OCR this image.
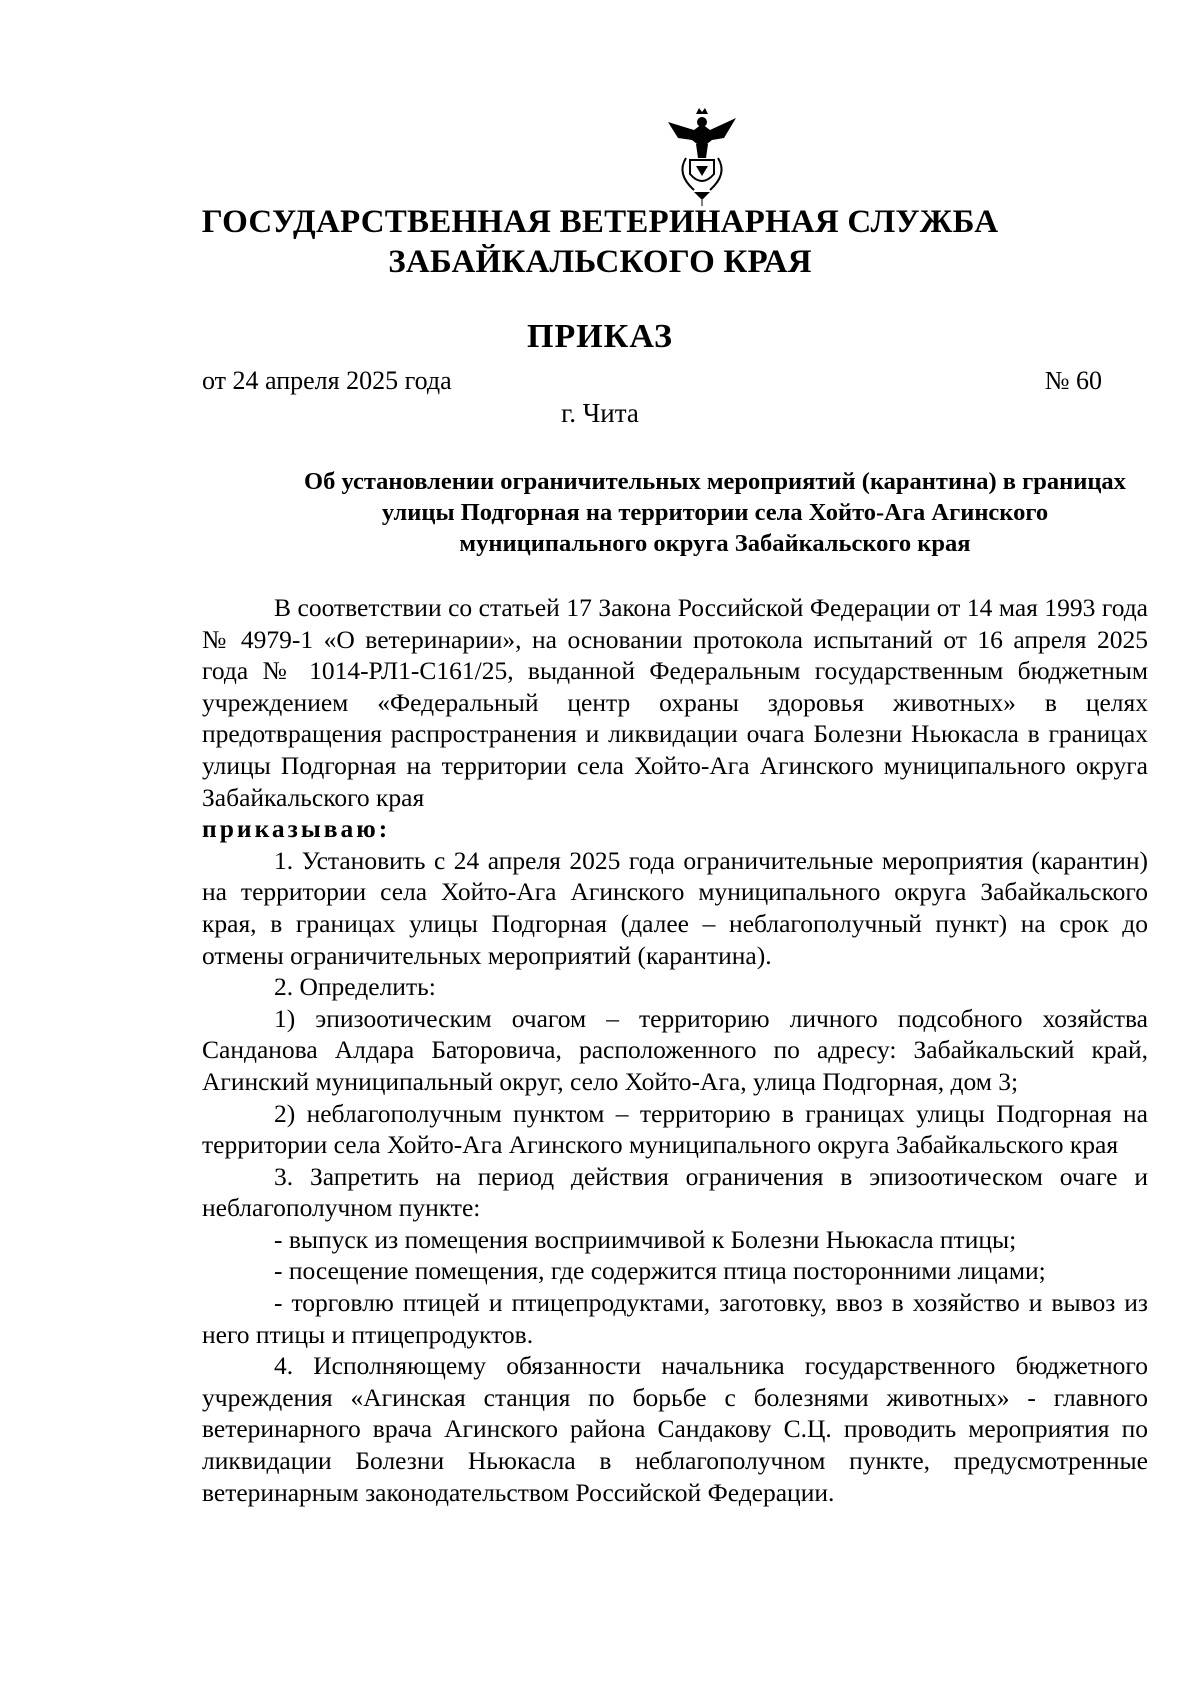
ГОСУДАРСТВЕННАЯ ВЕТЕРИНАРНАЯ СЛУЖБА
ЗАБАЙКАЛЬСКОГО КРАЯ
ПРИКАЗ
от 24 апреля 2025 года	№ 60
г. Чита
Об установлении ограничительных мероприятий (карантина) в границах улицы Подгорная на территории села Хойто-Ага Агинского муниципального округа Забайкальского края

В соответствии со статьей 17 Закона Российской Федерации от 14 мая 1993 года № 4979-1 «О ветеринарии», на основании протокола испытаний от 16 апреля 2025 года № 1014-РЛ1-С161/25, выданной Федеральным государственным бюджетным учреждением «Федеральный центр охраны здоровья животных» в целях предотвращения распространения и ликвидации очага Болезни Ньюкасла в границах улицы Подгорная на территории села Хойто-Ага Агинского муниципального округа Забайкальского края

приказываю:

1. Установить с 24 апреля 2025 года ограничительные мероприятия (карантин) на территории села Хойто-Ага Агинского муниципального округа Забайкальского края, в границах улицы Подгорная (далее – неблагополучный пункт) на срок до отмены ограничительных мероприятий (карантина).

2. Определить:

1) эпизоотическим очагом – территорию личного подсобного хозяйства Санданова Алдара Баторовича, расположенного по адресу: Забайкальский край, Агинский муниципальный округ, село Хойто-Ага, улица Подгорная, дом 3;

2) неблагополучным пунктом – территорию в границах улицы Подгорная на территории села Хойто-Ага Агинского муниципального округа Забайкальского края

3. Запретить на период действия ограничения в эпизоотическом очаге и неблагополучном пункте:

- выпуск из помещения восприимчивой к Болезни Ньюкасла птицы;

- посещение помещения, где содержится птица посторонними лицами;

- торговлю птицей и птицепродуктами, заготовку, ввоз в хозяйство и вывоз из него птицы и птицепродуктов.

4. Исполняющему обязанности начальника государственного бюджетного учреждения «Агинская станция по борьбе с болезнями животных» - главного ветеринарного врача Агинского района Сандакову С.Ц. проводить мероприятия по ликвидации Болезни Ньюкасла в неблагополучном пункте, предусмотренные ветеринарным законодательством Российской Федерации.
